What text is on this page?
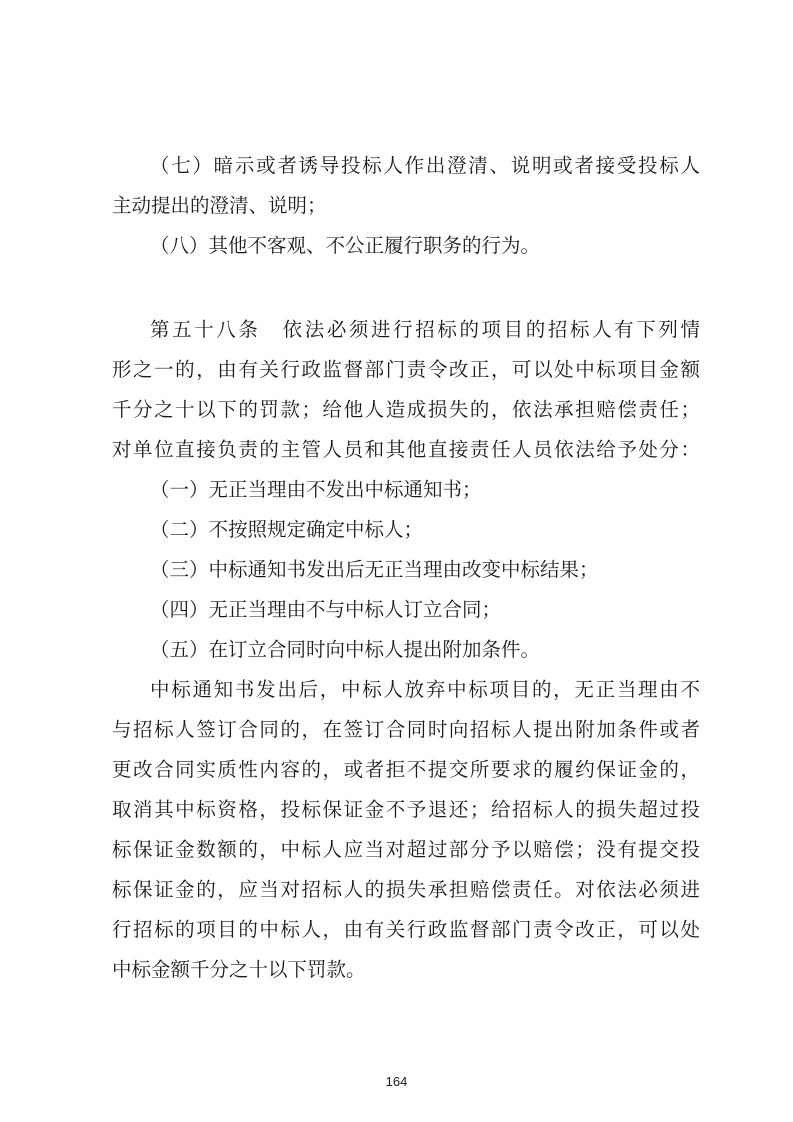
（七）暗示或者诱导投标人作出澄清、说明或者接受投标人
主动提出的澄清、说明；
（八）其他不客观、不公正履行职务的行为。
第五十八条　依法必须进行招标的项目的招标人有下列情
形之一的，由有关行政监督部门责令改正，可以处中标项目金额
千分之十以下的罚款；给他人造成损失的，依法承担赔偿责任；
对单位直接负责的主管人员和其他直接责任人员依法给予处分：
（一）无正当理由不发出中标通知书；
（二）不按照规定确定中标人；
（三）中标通知书发出后无正当理由改变中标结果；
（四）无正当理由不与中标人订立合同；
（五）在订立合同时向中标人提出附加条件。
中标通知书发出后，中标人放弃中标项目的，无正当理由不
与招标人签订合同的，在签订合同时向招标人提出附加条件或者
更改合同实质性内容的，或者拒不提交所要求的履约保证金的，
取消其中标资格，投标保证金不予退还；给招标人的损失超过投
标保证金数额的，中标人应当对超过部分予以赔偿；没有提交投
标保证金的，应当对招标人的损失承担赔偿责任。对依法必须进
行招标的项目的中标人，由有关行政监督部门责令改正，可以处
中标金额千分之十以下罚款。
164
